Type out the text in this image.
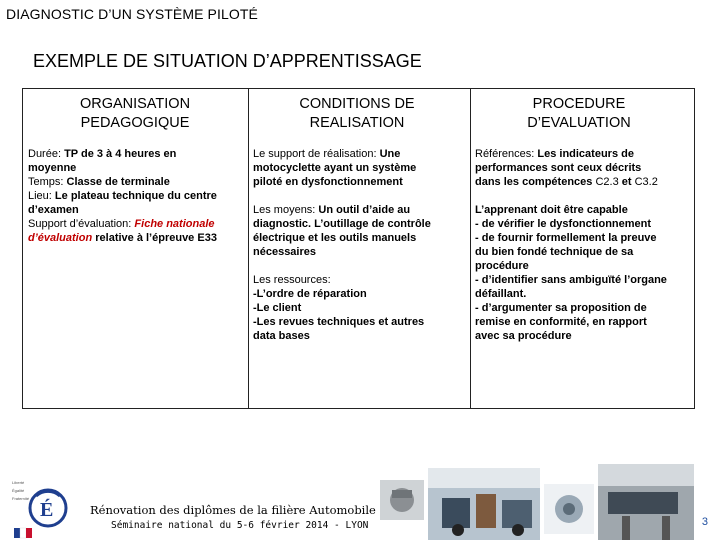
DIAGNOSTIC D’UN SYSTÈME PILOTÉ
EXEMPLE DE SITUATION D’APPRENTISSAGE
ORGANISATION
PEDAGOGIQUE
CONDITIONS DE
REALISATION
PROCEDURE
D’EVALUATION

Durée: TP de 3 à 4 heures en

moyenne

Temps: Classe de terminale

Lieu: Le plateau technique du centre

d’examen

Support d’évaluation: Fiche nationale

d’évaluation relative à l’épreuve E33

Le support de réalisation: Une

motocyclette ayant un système

piloté en dysfonctionnement

Les moyens: Un outil d’aide au

diagnostic. L’outillage de contrôle

électrique et les outils manuels

nécessaires

Les ressources:

-L’ordre de réparation

-Le client

-Les revues techniques et autres

data bases

Références: Les indicateurs de

performances sont ceux décrits

dans les compétences C2.3 et C3.2

L’apprenant doit être capable

- de vérifier le dysfonctionnement

- de fournir formellement la preuve

du bien fondé technique de sa

procédure

- d’identifier sans ambiguïté l’organe

défaillant.

- d’argumenter sa proposition de

remise en conformité, en rapport

avec sa procédure

Liberté
Égalité
Fraternité
É	Rénovation des diplômes de la filière Automobile
Séminaire national du 5-6 février 2014 - LYON	3
